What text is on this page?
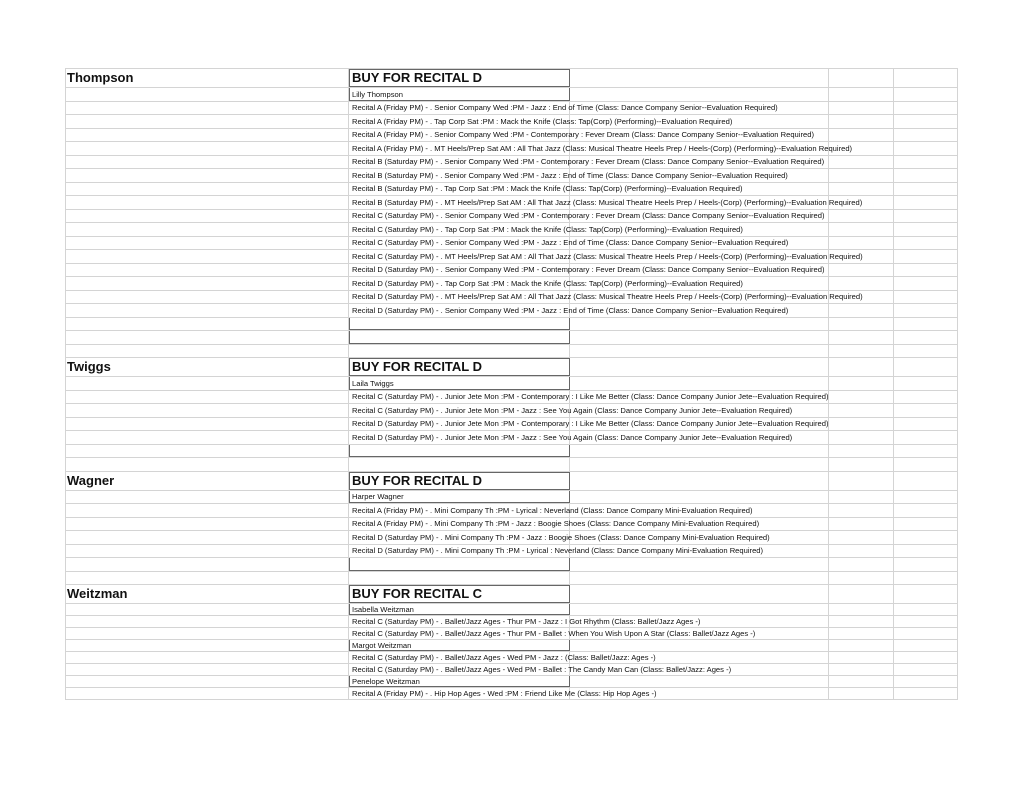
Thompson	BUY FOR RECITAL D
Lilly Thompson
Recital A (Friday PM) - . Senior Company Wed :PM - Jazz : End of Time (Class: Dance Company Senior--Evaluation Required)
Recital A (Friday PM) - . Tap Corp Sat :PM : Mack the Knife (Class: Tap(Corp) (Performing)--Evaluation Required)
Recital A (Friday PM) - . Senior Company Wed :PM - Contemporary : Fever Dream (Class: Dance Company Senior--Evaluation Required)
Recital A (Friday PM) - . MT Heels/Prep Sat AM : All That Jazz (Class: Musical Theatre Heels Prep / Heels-(Corp) (Performing)--Evaluation Required)
Recital B (Saturday PM) - . Senior Company Wed :PM - Contemporary : Fever Dream (Class: Dance Company Senior--Evaluation Required)
Recital B (Saturday PM) - . Senior Company Wed :PM - Jazz : End of Time (Class: Dance Company Senior--Evaluation Required)
Recital B (Saturday PM) - . Tap Corp Sat :PM : Mack the Knife (Class: Tap(Corp) (Performing)--Evaluation Required)
Recital B (Saturday PM) - . MT Heels/Prep Sat AM : All That Jazz (Class: Musical Theatre Heels Prep / Heels-(Corp) (Performing)--Evaluation Required)
Recital C (Saturday PM) - . Senior Company Wed :PM - Contemporary : Fever Dream (Class: Dance Company Senior--Evaluation Required)
Recital C (Saturday PM) - . Tap Corp Sat :PM : Mack the Knife (Class: Tap(Corp) (Performing)--Evaluation Required)
Recital C (Saturday PM) - . Senior Company Wed :PM - Jazz : End of Time (Class: Dance Company Senior--Evaluation Required)
Recital C (Saturday PM) - . MT Heels/Prep Sat AM : All That Jazz (Class: Musical Theatre Heels Prep / Heels-(Corp) (Performing)--Evaluation Required)
Recital D (Saturday PM) - . Senior Company Wed :PM - Contemporary : Fever Dream (Class: Dance Company Senior--Evaluation Required)
Recital D (Saturday PM) - . Tap Corp Sat :PM : Mack the Knife (Class: Tap(Corp) (Performing)--Evaluation Required)
Recital D (Saturday PM) - . MT Heels/Prep Sat AM : All That Jazz (Class: Musical Theatre Heels Prep / Heels-(Corp) (Performing)--Evaluation Required)
Recital D (Saturday PM) - . Senior Company Wed :PM - Jazz : End of Time (Class: Dance Company Senior--Evaluation Required)
Twiggs	BUY FOR RECITAL D
Laila Twiggs
Recital C (Saturday PM) - . Junior Jete Mon :PM - Contemporary : I Like Me Better (Class: Dance Company Junior Jete--Evaluation Required)
Recital C (Saturday PM) - . Junior Jete Mon :PM - Jazz : See You Again (Class: Dance Company Junior Jete--Evaluation Required)
Recital D (Saturday PM) - . Junior Jete Mon :PM - Contemporary : I Like Me Better (Class: Dance Company Junior Jete--Evaluation Required)
Recital D (Saturday PM) - . Junior Jete Mon :PM - Jazz : See You Again (Class: Dance Company Junior Jete--Evaluation Required)
Wagner	BUY FOR RECITAL D
Harper Wagner
Recital A (Friday PM) - . Mini Company Th :PM - Lyrical : Neverland (Class: Dance Company Mini-Evaluation Required)
Recital A (Friday PM) - . Mini Company Th :PM - Jazz : Boogie Shoes (Class: Dance Company Mini-Evaluation Required)
Recital D (Saturday PM) - . Mini Company Th :PM - Jazz : Boogie Shoes (Class: Dance Company Mini-Evaluation Required)
Recital D (Saturday PM) - . Mini Company Th :PM - Lyrical : Neverland (Class: Dance Company Mini-Evaluation Required)
Weitzman	BUY FOR RECITAL C
Isabella Weitzman
Recital C (Saturday PM) - . Ballet/Jazz Ages - Thur PM - Jazz : I Got Rhythm (Class: Ballet/Jazz Ages -)
Recital C (Saturday PM) - . Ballet/Jazz Ages - Thur PM - Ballet : When You Wish Upon A Star (Class: Ballet/Jazz Ages -)
Margot Weitzman
Recital C (Saturday PM) - . Ballet/Jazz Ages - Wed PM - Jazz : (Class: Ballet/Jazz: Ages -)
Recital C (Saturday PM) - . Ballet/Jazz Ages - Wed PM - Ballet : The Candy Man Can (Class: Ballet/Jazz: Ages -)
Penelope Weitzman
Recital A (Friday PM) - . Hip Hop Ages - Wed :PM : Friend Like Me (Class: Hip Hop Ages -)
